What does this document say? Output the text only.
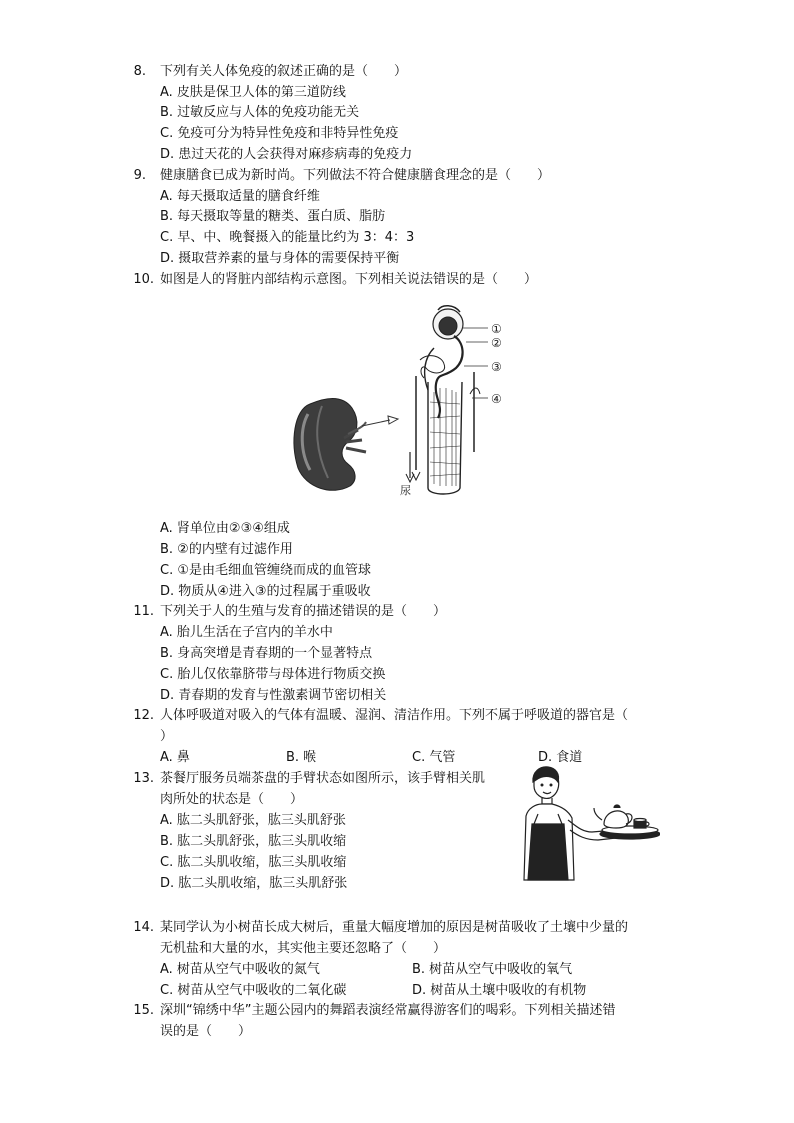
8. 下列有关人体免疫的叙述正确的是（　　）
A. 皮肤是保卫人体的第三道防线
B. 过敏反应与人体的免疫功能无关
C. 免疫可分为特异性免疫和非特异性免疫
D. 患过天花的人会获得对麻疹病毒的免疫力
9. 健康膳食已成为新时尚。下列做法不符合健康膳食理念的是（　　）
A. 每天摄取适量的膳食纤维
B. 每天摄取等量的糖类、蛋白质、脂肪
C. 早、中、晚餐摄入的能量比约为 3：4：3
D. 摄取营养素的量与身体的需要保持平衡
10. 如图是人的肾脏内部结构示意图。下列相关说法错误的是（　　）
①
②
③
④
尿
A. 肾单位由②③④组成
B. ②的内壁有过滤作用
C. ①是由毛细血管缠绕而成的血管球
D. 物质从④进入③的过程属于重吸收
11. 下列关于人的生殖与发育的描述错误的是（　　）
A. 胎儿生活在子宫内的羊水中
B. 身高突增是青春期的一个显著特点
C. 胎儿仅依靠脐带与母体进行物质交换
D. 青春期的发育与性激素调节密切相关
12. 人体呼吸道对吸入的气体有温暖、湿润、清洁作用。下列不属于呼吸道的器官是（
）
A. 鼻	B. 喉	C. 气管	D. 食道
13. 茶餐厅服务员端茶盘的手臂状态如图所示，该手臂相关肌
肉所处的状态是（　　）
A. 肱二头肌舒张，肱三头肌舒张
B. 肱二头肌舒张，肱三头肌收缩
C. 肱二头肌收缩，肱三头肌收缩
D. 肱二头肌收缩，肱三头肌舒张
14. 某同学认为小树苗长成大树后，重量大幅度增加的原因是树苗吸收了土壤中少量的
无机盐和大量的水，其实他主要还忽略了（　　）
A. 树苗从空气中吸收的氮气	B. 树苗从空气中吸收的氧气
C. 树苗从空气中吸收的二氧化碳	D. 树苗从土壤中吸收的有机物
15. 深圳“锦绣中华”主题公园内的舞蹈表演经常赢得游客们的喝彩。下列相关描述错
误的是（　　）
